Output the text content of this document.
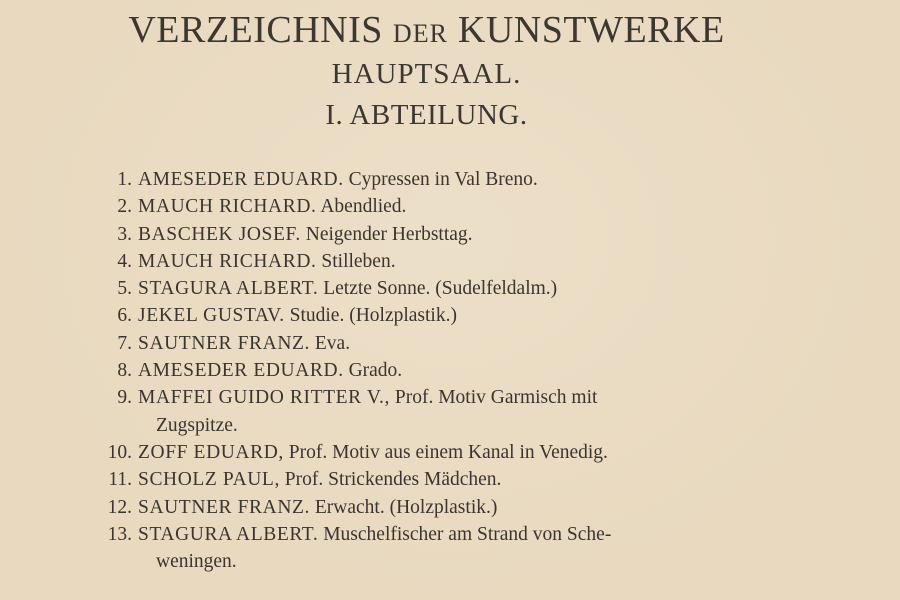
VERZEICHNIS DER KUNSTWERKE
HAUPTSAAL.
I. ABTEILUNG.
1. AMESEDER EDUARD. Cypressen in Val Breno.
2. MAUCH RICHARD. Abendlied.
3. BASCHEK JOSEF. Neigender Herbsttag.
4. MAUCH RICHARD. Stilleben.
5. STAGURA ALBERT. Letzte Sonne. (Sudelfeldalm.)
6. JEKEL GUSTAV. Studie. (Holzplastik.)
7. SAUTNER FRANZ. Eva.
8. AMESEDER EDUARD. Grado.
9. MAFFEI GUIDO RITTER V., Prof. Motiv Garmisch mit
Zugspitze.
10. ZOFF EDUARD, Prof. Motiv aus einem Kanal in Venedig.
11. SCHOLZ PAUL, Prof. Strickendes Mädchen.
12. SAUTNER FRANZ. Erwacht. (Holzplastik.)
13. STAGURA ALBERT. Muschelfischer am Strand von Sche-
weningen.
